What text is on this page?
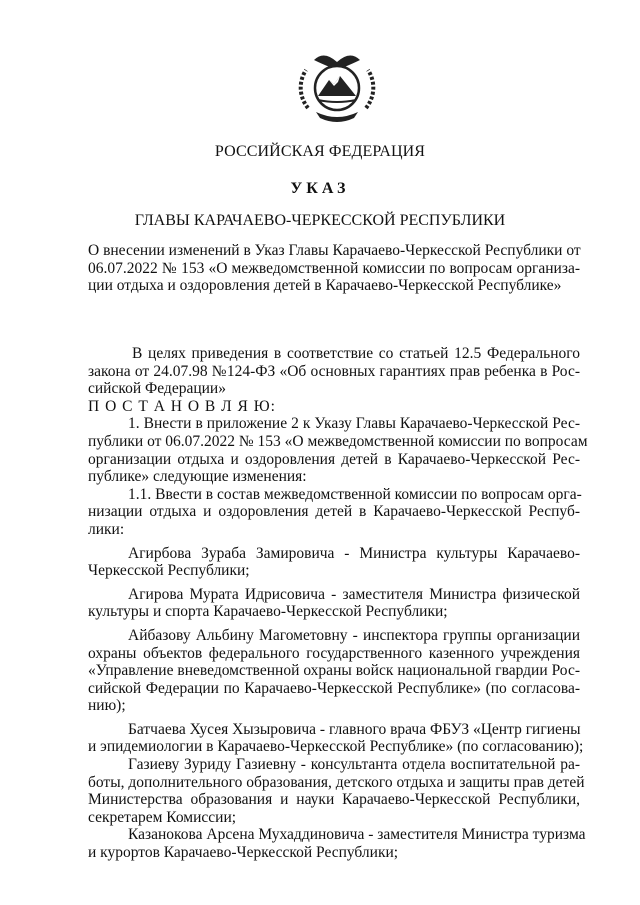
РОССИЙСКАЯ ФЕДЕРАЦИЯ
УКАЗ
ГЛАВЫ КАРАЧАЕВО-ЧЕРКЕССКОЙ РЕСПУБЛИКИ
О внесении изменений в Указ Главы Карачаево-Черкесской Республики от
06.07.2022 № 153 «О межведомственной комиссии по вопросам организа-
ции отдыха и оздоровления детей в Карачаево-Черкесской Республике»
В целях приведения в соответствие со статьей 12.5 Федерального
закона от 24.07.98 №124-ФЗ «Об основных гарантиях прав ребенка в Рос-
сийской Федерации»
П О С Т А Н О В Л Я Ю:
1. Внести в приложение 2 к Указу Главы Карачаево-Черкесской Рес-
публики от 06.07.2022 № 153 «О межведомственной комиссии по вопросам
организации отдыха и оздоровления детей в Карачаево-Черкесской Рес-
публике» следующие изменения:
1.1. Ввести в состав межведомственной комиссии по вопросам орга-
низации отдыха и оздоровления детей в Карачаево-Черкесской Респуб-
лики:
Агирбова Зураба Замировича - Министра культуры Карачаево-
Черкесской Республики;
Агирова Мурата Идрисовича - заместителя Министра физической
культуры и спорта Карачаево-Черкесской Республики;
Айбазову Альбину Магометовну - инспектора группы организации
охраны объектов федерального государственного казенного учреждения
«Управление вневедомственной охраны войск национальной гвардии Рос-
сийской Федерации по Карачаево-Черкесской Республике» (по согласова-
нию);
Батчаева Хусея Хызыровича - главного врача ФБУЗ «Центр гигиены
и эпидемиологии в Карачаево-Черкесской Республике» (по согласованию);
Газиеву Зуриду Газиевну - консультанта отдела воспитательной ра-
боты, дополнительного образования, детского отдыха и защиты прав детей
Министерства образования и науки Карачаево-Черкесской Республики,
секретарем Комиссии;
Казанокова Арсена Мухаддиновича - заместителя Министра туризма
и курортов Карачаево-Черкесской Республики;
